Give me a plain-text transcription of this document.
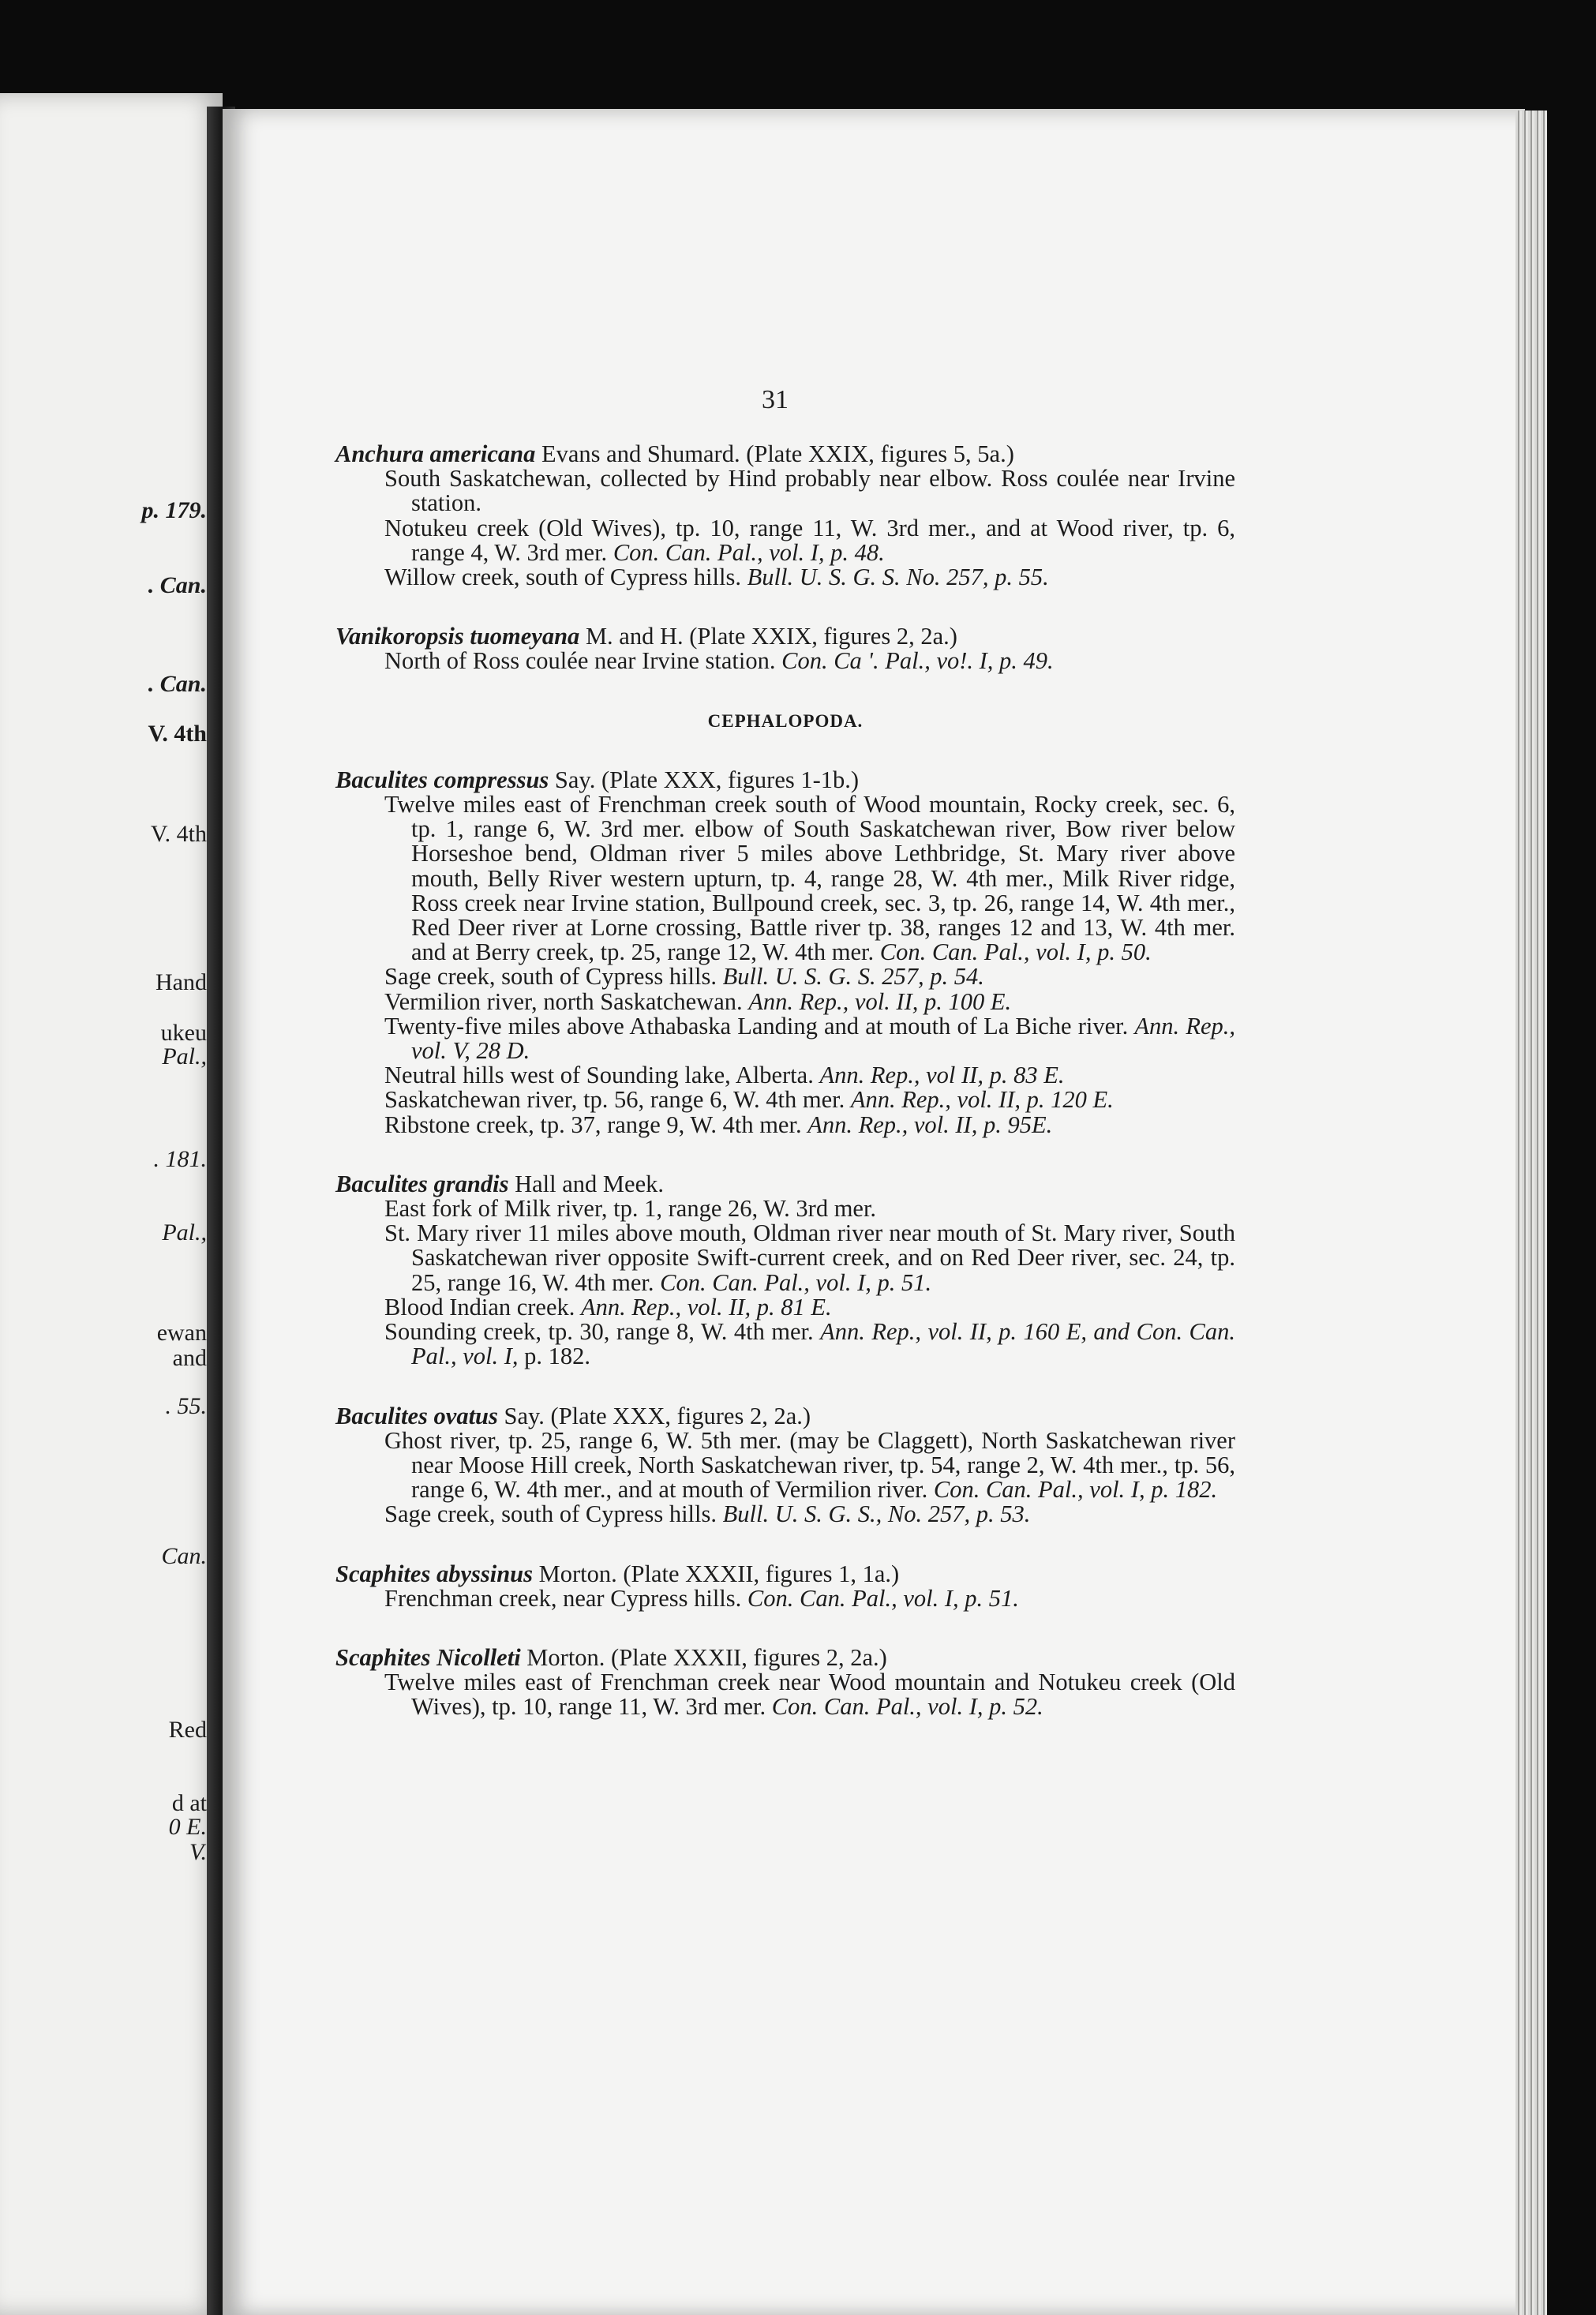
p. 179.
. Can.
. Can.
V. 4th
V. 4th
Hand
ukeu
Pal.,
. 181.
Pal.,
ewan
and
. 55.
Can.
Red
d at
0 E.
V.
31

Anchura americana Evans and Shumard. (Plate XXIX, figures 5, 5a.)

South Saskatchewan, collected by Hind probably near elbow. Ross coulée near Irvine station.

Notukeu creek (Old Wives), tp. 10, range 11, W. 3rd mer., and at Wood river, tp. 6, range 4, W. 3rd mer. Con. Can. Pal., vol. I, p. 48.

Willow creek, south of Cypress hills. Bull. U. S. G. S. No. 257, p. 55.

Vanikoropsis tuomeyana M. and H. (Plate XXIX, figures 2, 2a.)

North of Ross coulée near Irvine station. Con. Ca '. Pal., vo!. I, p. 49.

CEPHALOPODA.

Baculites compressus Say. (Plate XXX, figures 1-1b.)

Twelve miles east of Frenchman creek south of Wood mountain, Rocky creek, sec. 6, tp. 1, range 6, W. 3rd mer. elbow of South Saskatchewan river, Bow river below Horseshoe bend, Oldman river 5 miles above Lethbridge, St. Mary river above mouth, Belly River western upturn, tp. 4, range 28, W. 4th mer., Milk River ridge, Ross creek near Irvine station, Bullpound creek, sec. 3, tp. 26, range 14, W. 4th mer., Red Deer river at Lorne crossing, Battle river tp. 38, ranges 12 and 13, W. 4th mer. and at Berry creek, tp. 25, range 12, W. 4th mer. Con. Can. Pal., vol. I, p. 50.

Sage creek, south of Cypress hills. Bull. U. S. G. S. 257, p. 54.

Vermilion river, north Saskatchewan. Ann. Rep., vol. II, p. 100 E.

Twenty-five miles above Athabaska Landing and at mouth of La Biche river. Ann. Rep., vol. V, 28 D.

Neutral hills west of Sounding lake, Alberta. Ann. Rep., vol II, p. 83 E.

Saskatchewan river, tp. 56, range 6, W. 4th mer. Ann. Rep., vol. II, p. 120 E.

Ribstone creek, tp. 37, range 9, W. 4th mer. Ann. Rep., vol. II, p. 95E.

Baculites grandis Hall and Meek.

East fork of Milk river, tp. 1, range 26, W. 3rd mer.

St. Mary river 11 miles above mouth, Oldman river near mouth of St. Mary river, South Saskatchewan river opposite Swift-current creek, and on Red Deer river, sec. 24, tp. 25, range 16, W. 4th mer. Con. Can. Pal., vol. I, p. 51.

Blood Indian creek. Ann. Rep., vol. II, p. 81 E.

Sounding creek, tp. 30, range 8, W. 4th mer. Ann. Rep., vol. II, p. 160 E, and Con. Can. Pal., vol. I, p. 182.

Baculites ovatus Say. (Plate XXX, figures 2, 2a.)

Ghost river, tp. 25, range 6, W. 5th mer. (may be Claggett), North Saskatchewan river near Moose Hill creek, North Saskatchewan river, tp. 54, range 2, W. 4th mer., tp. 56, range 6, W. 4th mer., and at mouth of Vermilion river. Con. Can. Pal., vol. I, p. 182.

Sage creek, south of Cypress hills. Bull. U. S. G. S., No. 257, p. 53.

Scaphites abyssinus Morton. (Plate XXXII, figures 1, 1a.)

Frenchman creek, near Cypress hills. Con. Can. Pal., vol. I, p. 51.

Scaphites Nicolleti Morton. (Plate XXXII, figures 2, 2a.)

Twelve miles east of Frenchman creek near Wood mountain and Notukeu creek (Old Wives), tp. 10, range 11, W. 3rd mer. Con. Can. Pal., vol. I, p. 52.
